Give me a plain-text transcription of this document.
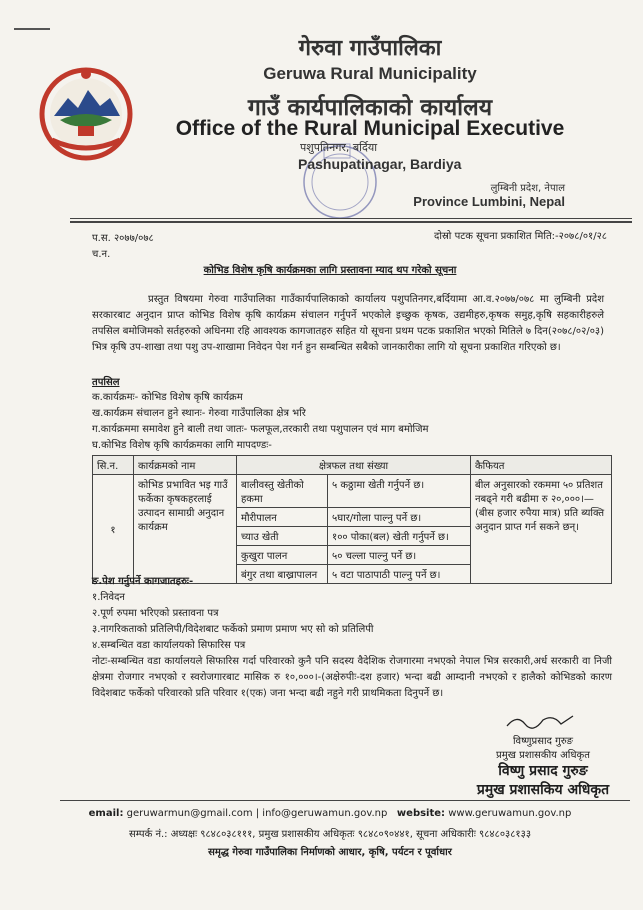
गेरुवा गाउँपालिका
Geruwa Rural Municipality
गाउँ कार्यपालिकाको कार्यालय
Office of the Rural Municipal Executive
पशुपतिनगर, बर्दिया
Pashupatinagar, Bardiya
लुम्बिनी प्रदेश, नेपाल
Province Lumbini, Nepal
प.स. २०७७/०७८
च.न.
दोस्रो पटक सूचना प्रकाशित मिति:-२०७८/०१/२८
कोभिड विशेष कृषि कार्यक्रमका लागि प्रस्तावना म्याद थप गरेको सूचना
प्रस्तुत विषयमा गेरुवा गाउँपालिका गाउँकार्यपालिकाको कार्यालय पशुपतिनगर,बर्दियामा आ.व.२०७७/०७८ मा लुम्बिनी प्रदेश सरकारबाट अनुदान प्राप्त कोभिड विशेष कृषि कार्यक्रम संचालन गर्नुपर्ने भएकोले इच्छुक कृषक, उद्यमीहरु,कृषक समुह,कृषि सहकारीहरुले तपसिल बमोजिमको सर्तहरुको अधिनमा रहि आवश्यक कागजातहरु सहित यो सूचना प्रथम पटक प्रकाशित भएको मितिले ७ दिन(२०७८/०२/०३) भित्र कृषि उप-शाखा तथा पशु उप-शाखामा निवेदन पेश गर्न हुन सम्बन्धित सबैको जानकारीका लागि यो सूचना प्रकाशित गरिएको छ।
तपसिल
क.कार्यक्रमः- कोभिड विशेष कृषि कार्यक्रम
ख.कार्यक्रम संचालन हुने स्थानः- गेरुवा गाउँपालिका क्षेत्र भरि
ग.कार्यक्रममा समावेश हुने बाली तथा जातः- फलफूल,तरकारी तथा पशुपालन एवं माग बमोजिम
घ.कोभिड विशेष कृषि कार्यक्रमका लागि मापदण्डः-
सि.न.	कार्यक्रमको नाम	क्षेत्रफल तथा संख्या		कैफियत
१	कोभिड प्रभावित भइ गाउँ फर्केका कृषकहरलाई उत्पादन सामाग्री अनुदान कार्यक्रम	बालीवस्तु खेतीको हकमा	५ कठ्ठामा खेती गर्नुपर्ने छ।	बील अनुसारको रकममा ५० प्रतिशत नबढ्ने गरी बढीमा रु २०,०००।— (बीस हजार रुपैया मात्र) प्रति ब्यक्ति अनुदान प्राप्त गर्न सकने छन्।
		मौरीपालन	५घार/गोला पाल्नु पर्ने छ।	
		च्याउ खेती	१०० पोका(बल) खेती गर्नुपर्ने छ।	
		कुखुरा पालन	५० चल्ला पाल्नु पर्ने छ।	
		बंगुर तथा बाख्रापालन	५ वटा पाठापाठी पाल्नु पर्ने छ।	
ङ.पेश गर्नुपर्ने कागजातहरुः-
१.निवेदन
२.पूर्ण रुपमा भरिएको प्रस्तावना पत्र
३.नागरिकताको प्रतिलिपी/विदेशबाट फर्केको प्रमाण प्रमाण भए सो को प्रतिलिपी
४.सम्बन्धित वडा कार्यालयको सिफारिस पत्र
नोटः-सम्बन्धित वडा कार्यालयले सिफारिस गर्दा परिवारको कुनै पनि सदस्य वैदेशिक रोजगारमा नभएको नेपाल भित्र सरकारी,अर्ध सरकारी वा निजी क्षेत्रमा रोजगार नभएको र स्वरोजगारबाट मासिक रु १०,०००।-(अक्षेरुपीः-दश हजार) भन्दा बढी आम्दानी नभएको र हालैको कोभिडको कारण विदेशबाट फर्केको परिवारको प्रति परिवार १(एक) जना भन्दा बढी नहुने गरी प्राथमिकता दिनुपर्ने छ।
विष्णुप्रसाद गुरुङ
प्रमुख प्रशासकीय अधिकृत
विष्णु प्रसाद गुरुङ
प्रमुख प्रशासकिय अधिकृत
email: geruwarmun@gmail.com | info@geruwamun.gov.np website: www.geruwamun.gov.np
सम्पर्क नं.: अध्यक्षः ९८४८०३८१११, प्रमुख प्रशासकीय अधिकृतः ९८४८०९०४४१, सूचना अधिकारीः ९८४८०३८१३३
समृद्ध गेरुवा गाउँपालिका निर्माणको आधार, कृषि, पर्यटन र पूर्वाधार
